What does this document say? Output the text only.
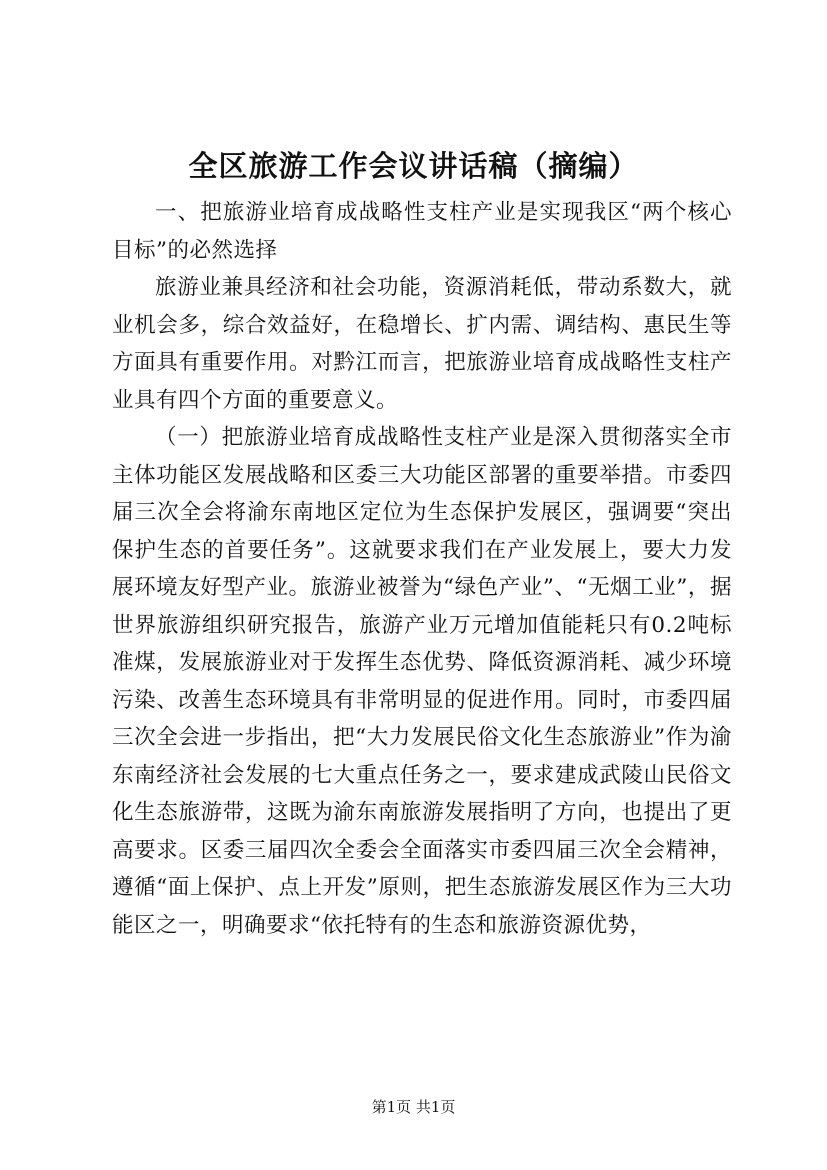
全区旅游工作会议讲话稿（摘编）

一、把旅游业培育成战略性支柱产业是实现我区“两个核心目标”的必然选择

旅游业兼具经济和社会功能，资源消耗低，带动系数大，就业机会多，综合效益好，在稳增长、扩内需、调结构、惠民生等方面具有重要作用。对黔江而言，把旅游业培育成战略性支柱产业具有四个方面的重要意义。

（一）把旅游业培育成战略性支柱产业是深入贯彻落实全市主体功能区发展战略和区委三大功能区部署的重要举措。市委四届三次全会将渝东南地区定位为生态保护发展区，强调要“突出保护生态的首要任务”。这就要求我们在产业发展上，要大力发展环境友好型产业。旅游业被誉为“绿色产业”、“无烟工业”，据世界旅游组织研究报告，旅游产业万元增加值能耗只有0.2吨标准煤，发展旅游业对于发挥生态优势、降低资源消耗、减少环境污染、改善生态环境具有非常明显的促进作用。同时，市委四届三次全会进一步指出，把“大力发展民俗文化生态旅游业”作为渝东南经济社会发展的七大重点任务之一，要求建成武陵山民俗文化生态旅游带，这既为渝东南旅游发展指明了方向，也提出了更高要求。区委三届四次全委会全面落实市委四届三次全会精神，遵循“面上保护、点上开发”原则，把生态旅游发展区作为三大功能区之一，明确要求“依托特有的生态和旅游资源优势，

第1页 共1页
